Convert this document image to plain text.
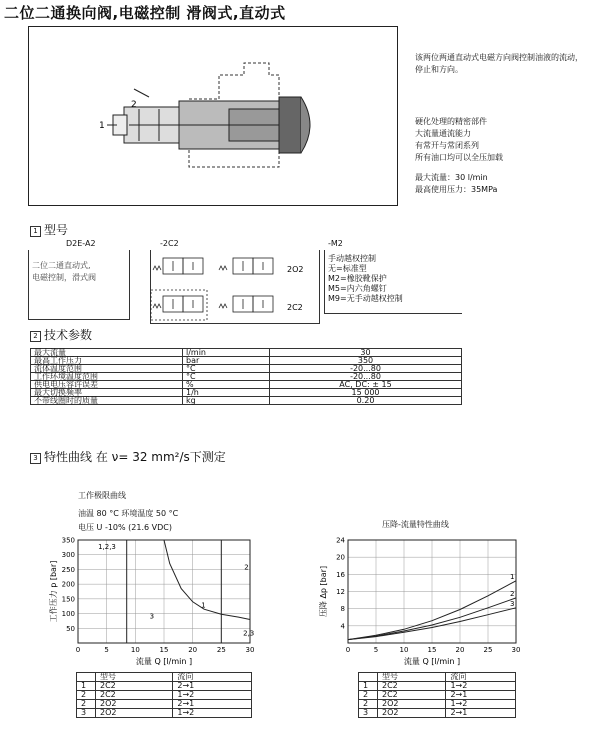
二位二通换向阀,电磁控制 滑阀式,直动式
2
1
该两位两通直动式电磁方向阀控制油液的流动，
停止和方向。
硬化处理的精密部件
大流量通流能力
有常开与常闭系列
所有油口均可以全压加载
最大流量：30 l/min
最高使用压力：35MPa
1 型号
D2E-A2	-2C2	-M2
二位二通直动式,
电磁控制，滑式阀
2O2
2C2
手动越权控制
无=标准型
M2=橡胶靴保护
M5=内六角螺钉
M9=无手动越权控制
2 技术参数
最大流量	l/min	30
最高工作压力	bar	350
流体温度范围	°C	-20...80
工作环境温度范围	°C	-20...80
供电电压容许误差	%	AC, DC: ± 15
最大切换频率	1/h	15 000
不带线圈时的质量	kg	0.20
3 特性曲线 在 ν= 32 mm²/s下测定
工作极限曲线
油温 80 °C 环境温度 50 °C
电压 U -10% (21.6 VDC)	压降-流量特性曲线
0	5	10	15	20	25	30
50
100
150
200
250
300
350
1,2,3
1
2
3
2,3
流量 Q [l/min ]
工作压力 p [bar]
0	5	10	15	20	25	30
4
8
12
16
20
24
1
2
3
流量 Q [l/min ]
压降 Δp [bar]
	型号	流向
1	2C2	2→1
2	2C2	1→2
2	2O2	2→1
3	2O2	1→2
	型号	流向
1	2C2	1→2
2	2C2	2→1
2	2O2	1→2
3	2O2	2→1
